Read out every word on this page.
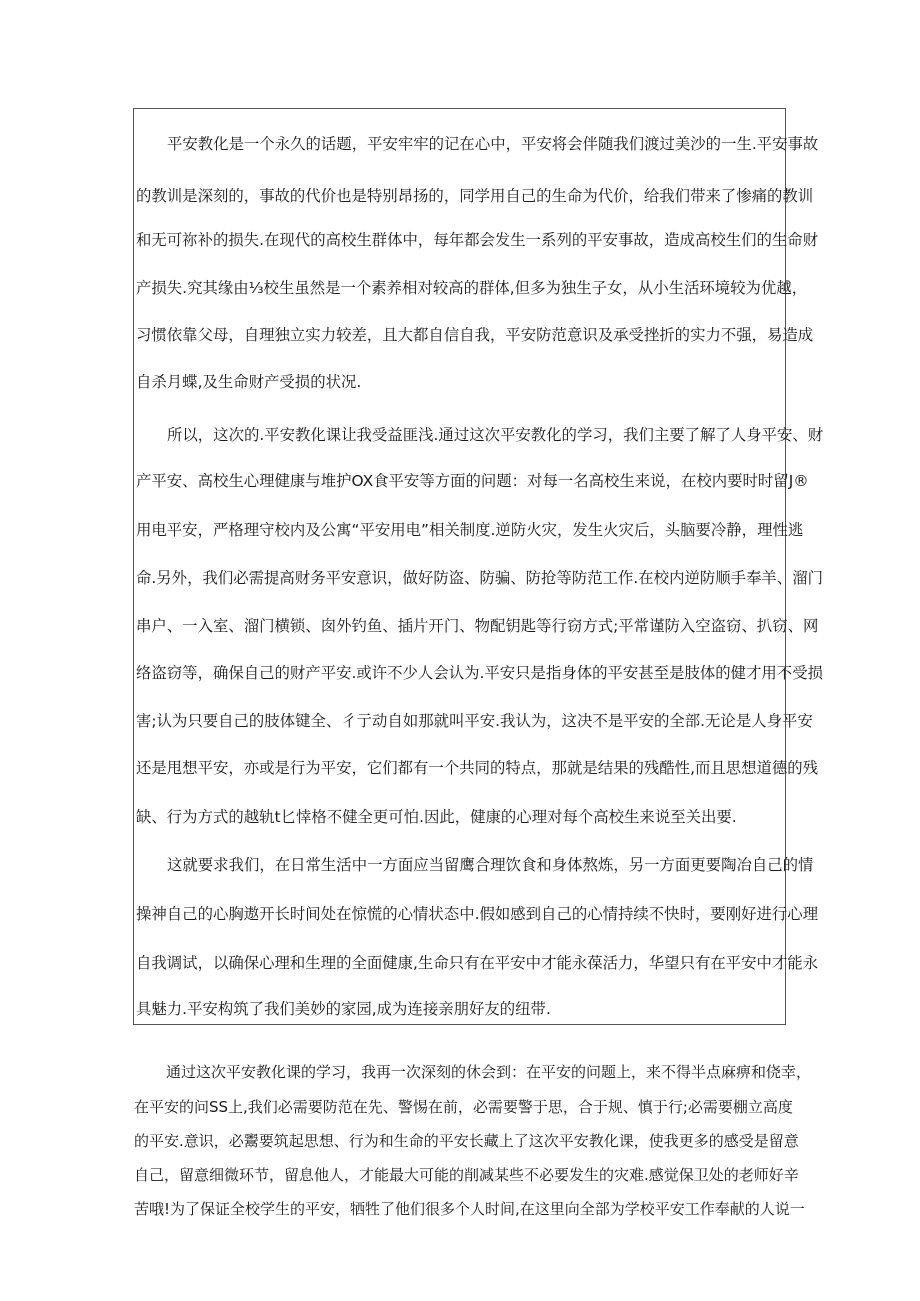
平安教化是一个永久的话题，平安牢牢的记在心中，平安将会伴随我们渡过美沙的一生.平安事故
的教训是深刻的，事故的代价也是特别昂扬的，同学用自己的生命为代价，给我们带来了惨痛的教训
和无可祢补的损失.在现代的高校生群体中，每年都会发生一系列的平安事故，造成高校生们的生命财
产损失.究其缘由⅓校生虽然是一个素养相对较高的群体,但多为独生子女，从小生活环境较为优越，
习惯依靠父母，自理独立实力较差，且大都自信自我，平安防范意识及承受挫折的实力不强，易造成
自杀月蝶,及生命财产受损的状况.
所以，这次的.平安教化课让我受益匪浅.通过这次平安教化的学习，我们主要了解了人身平安、财
产平安、高校生心理健康与堆护OX食平安等方面的问题：对每一名高校生来说，在校内要时时留J®
用电平安，严格理守校内及公寓“平安用电”相关制度.逆防火灾，发生火灾后，头脑要冷静，理性逃
命.另外，我们必需提高财务平安意识，做好防盗、防骗、防抢等防范工作.在校内逆防顺手奉羊、溜门
串户、一入室、溜门横锁、囱外钓鱼、插片开门、物配钥匙等行窃方式;平常谨防入空盗窃、扒窃、网
络盗窃等，确保自己的财产平安.或许不少人会认为.平安只是指身体的平安甚至是肢体的健才用不受损
害;认为只要自己的肢体键全、彳亍动自如那就叫平安.我认为，这决不是平安的全部.无论是人身平安
还是甩想平安，亦或是行为平安，它们都有一个共同的特点，那就是结果的残酷性,而且思想道德的残
缺、行为方式的越轨t匕悻格不健全更可怕.因此，健康的心理对每个高校生来说至关出要.
这就要求我们，在日常生活中一方面应当留鹰合理饮食和身体熬炼，另一方面更要陶冶自己的情
操神自己的心胸遨开长时间处在惊慌的心情状态中.假如感到自己的心情持续不快时，要刚好进行心理
自我调试，以确保心理和生理的全面健康,生命只有在平安中才能永葆活力，华望只有在平安中才能永
具魅力.平安构筑了我们美妙的家园,成为连接亲朋好友的纽带.
通过这次平安教化课的学习，我再一次深刻的休会到：在平安的问题上，来不得半点麻痹和侥幸，
在平安的问SS上,我们必需要防范在先、警惕在前，必需要警于思，合于规、慎于行;必需要棚立高度
的平安.意识，必鬻要筑起思想、行为和生命的平安长藏上了这次平安教化课，使我更多的感受是留意
自己，留意细微环节，留息他人，才能最大可能的削减某些不必要发生的灾难.感觉保卫处的老师好辛
苦哦!为了保证全校学生的平安，牺牲了他们很多个人时间,在这里向全部为学校平安工作奉献的人说一
